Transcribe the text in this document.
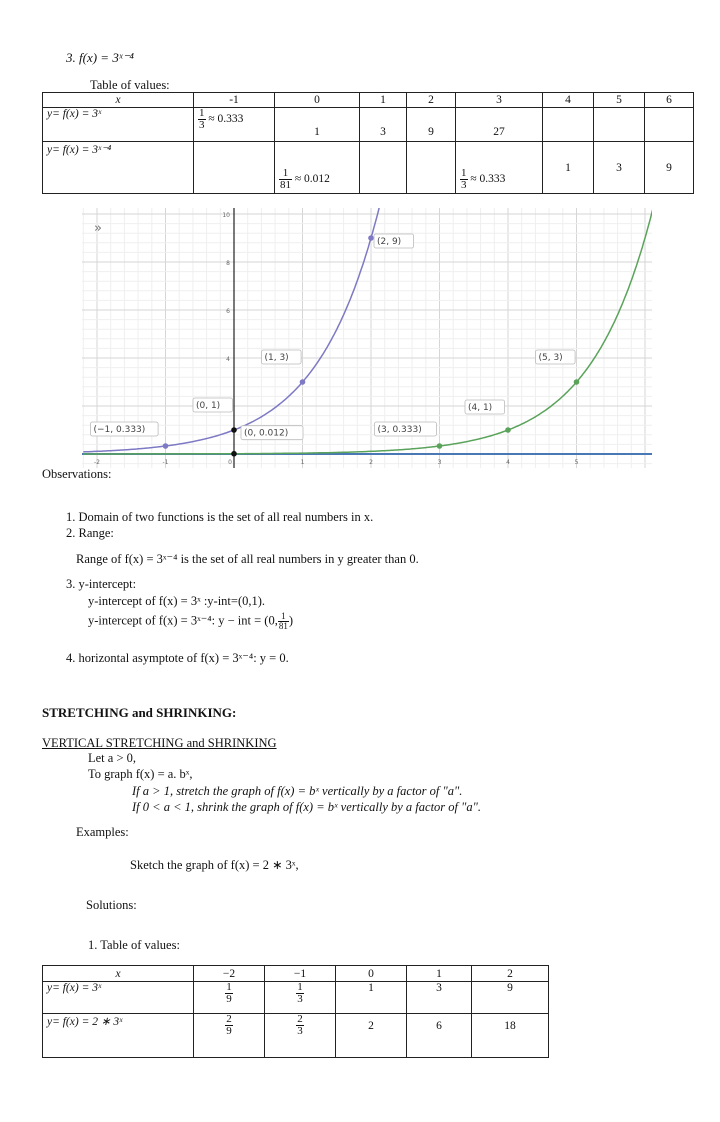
3. f(x) = 3ˣ⁻⁴
Table of values:
x	-1	0	1	2	3	4	5	6
y= f(x) = 3ˣ	$\frac{1}{3} \approx 0.333$	1	3	9	27			
y= f(x) = 3ˣ⁻⁴		$\frac{1}{81} \approx 0.012$			$\frac{1}{3} \approx 0.333$	1	3	9
10
8
6
4
-2	-1	0	1	2	3	4	5
(2, 9)
(1, 3)
(0, 1)
(−1, 0.333)	(0, 0.012)	(3, 0.333)
(4, 1)
(5, 3)
»
Observations:
1. Domain of two functions is the set of all real numbers in x.
2. Range:
Range of f(x) = 3ˣ⁻⁴ is the set of all real numbers in y greater than 0.
3. y-intercept:
y-intercept of f(x) = 3ˣ :y-int=(0,1).
y-intercept of f(x) = 3ˣ⁻⁴: y − int = (0, $\frac{1}{81}$ )
4. horizontal asymptote of f(x) = 3ˣ⁻⁴: y = 0.
STRETCHING and SHRINKING:
VERTICAL STRETCHING and SHRINKING
Let a > 0,
To graph f(x) = a. bˣ,
If a > 1, stretch the graph of f(x) = bˣ vertically by a factor of "a".
If 0 < a < 1, shrink the graph of f(x) = bˣ vertically by a factor of "a".
Examples:
Sketch the graph of f(x) = 2 ∗ 3ˣ,
Solutions:
1. Table of values:
x	−2	−1	0	1	2
y= f(x) = 3ˣ	$\frac{1}{9}$	$\frac{1}{3}$	1	3	9
y= f(x) = 2 ∗ 3ˣ	$\frac{2}{9}$	$\frac{2}{3}$	2	6	18
